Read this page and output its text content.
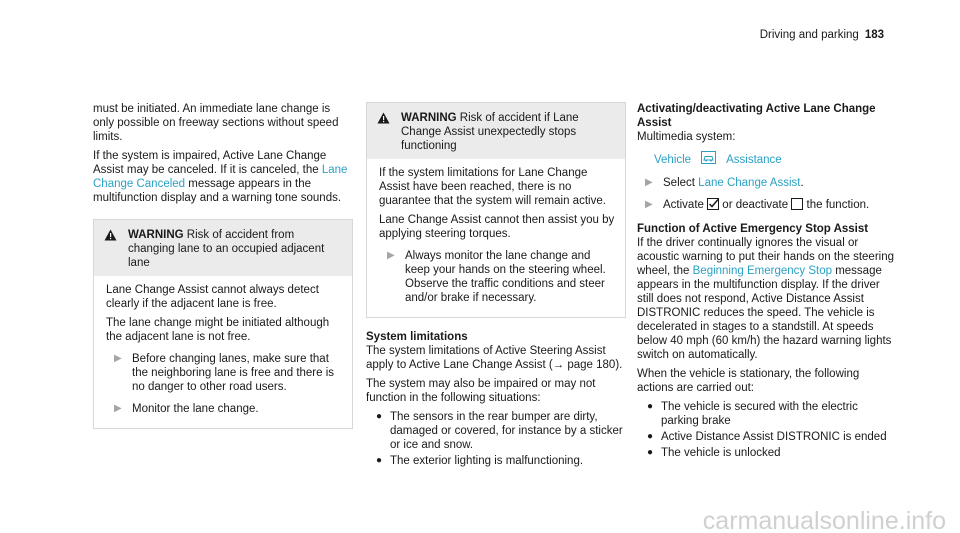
Driving and parking 183

must be initiated. An immediate lane change is only possible on freeway sections without speed limits.

If the system is impaired, Active Lane Change Assist may be canceled. If it is canceled, the Lane Change Canceled message appears in the multifunction display and a warning tone sounds.

WARNING Risk of accident from changing lane to an occupied adjacent lane

Lane Change Assist cannot always detect clearly if the adjacent lane is free.

The lane change might be initiated although the adjacent lane is not free.

▶ Before changing lanes, make sure that the neighboring lane is free and there is no danger to other road users.
▶ Monitor the lane change.
WARNING Risk of accident if Lane Change Assist unexpectedly stops functioning

If the system limitations for Lane Change Assist have been reached, there is no guarantee that the system will remain active.

Lane Change Assist cannot then assist you by applying steering torques.

▶ Always monitor the lane change and keep your hands on the steering wheel. Observe the traffic conditions and steer and/or brake if necessary.
System limitations

The system limitations of Active Steering Assist apply to Active Lane Change Assist (→ page 180).

The system may also be impaired or may not function in the following situations:

● The sensors in the rear bumper are dirty, damaged or covered, for instance by a sticker or ice and snow.
● The exterior lighting is malfunctioning.
Activating/deactivating Active Lane Change Assist
Multimedia system:
Vehicle	Assistance
▶ Select Lane Change Assist.
▶ Activate  or deactivate  the function.
Function of Active Emergency Stop Assist

If the driver continually ignores the visual or acoustic warning to put their hands on the steering wheel, the Beginning Emergency Stop message appears in the multifunction display. If the driver still does not respond, Active Distance Assist DISTRONIC reduces the speed. The vehicle is decelerated in stages to a standstill. At speeds below 40 mph (60 km/h) the hazard warning lights switch on automatically.

When the vehicle is stationary, the following actions are carried out:

● The vehicle is secured with the electric parking brake
● Active Distance Assist DISTRONIC is ended
● The vehicle is unlocked
carmanualsonline.info
